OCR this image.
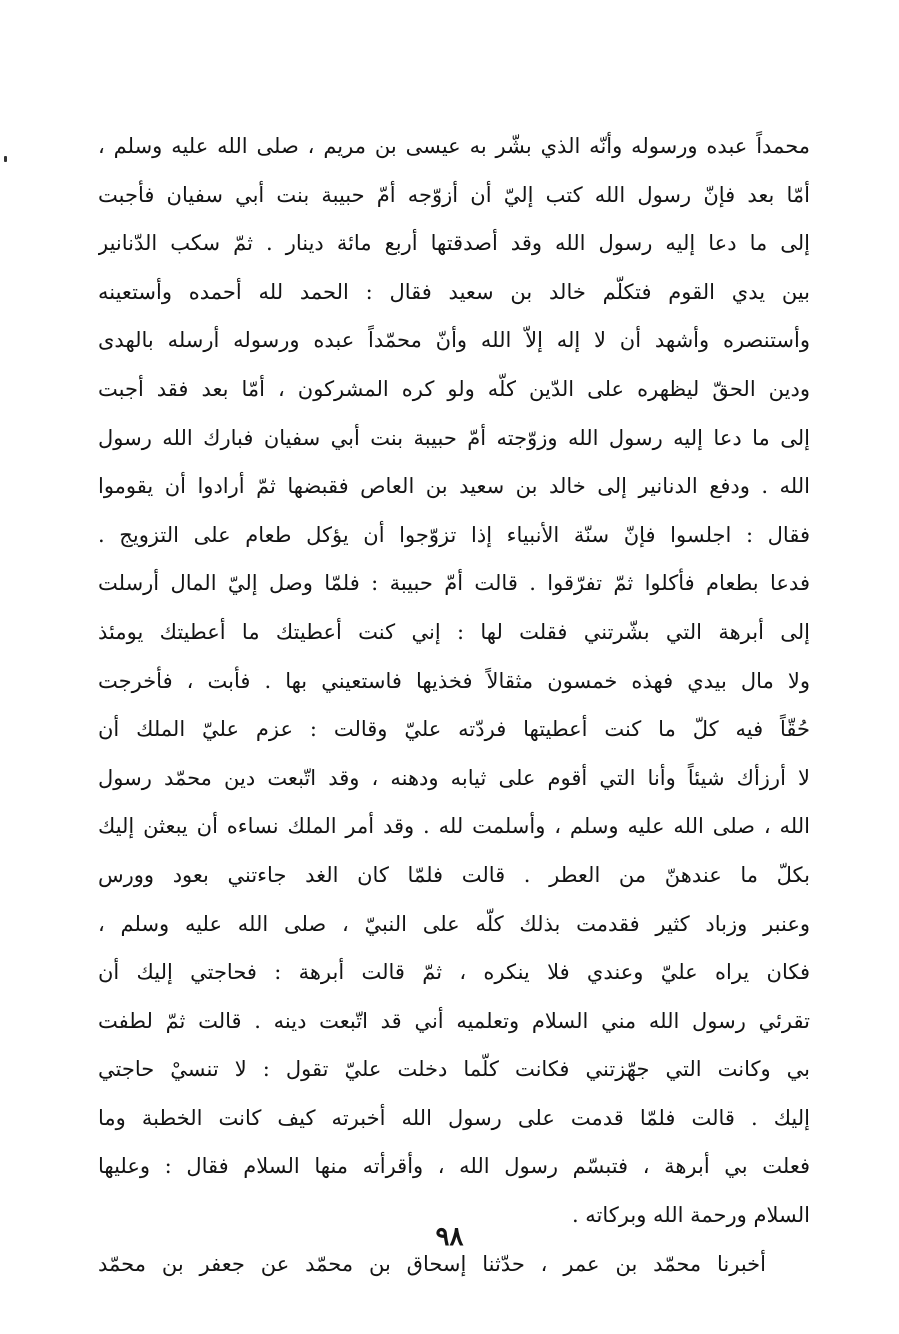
محمداً عبده ورسوله وأنّه الذي بشّر به عيسى بن مريم ، صلى الله عليه وسلم ،
أمّا بعد فإنّ رسول الله كتب إليّ أن أزوّجه أمّ حبيبة بنت أبي سفيان فأجبت
إلى ما دعا إليه رسول الله وقد أصدقتها أربع مائة دينار . ثمّ سكب الدّنانير
بين يدي القوم فتكلّم خالد بن سعيد فقال : الحمد لله أحمده وأستعينه
وأستنصره وأشهد أن لا إله إلاّ الله وأنّ محمّداً عبده ورسوله أرسله بالهدى
ودين الحقّ ليظهره على الدّين كلّه ولو كره المشركون ، أمّا بعد فقد أجبت
إلى ما دعا إليه رسول الله وزوّجته أمّ حبيبة بنت أبي سفيان فبارك الله رسول
الله . ودفع الدنانير إلى خالد بن سعيد بن العاص فقبضها ثمّ أرادوا أن يقوموا
فقال : اجلسوا فإنّ سنّة الأنبياء إذا تزوّجوا أن يؤكل طعام على التزويج .
فدعا بطعام فأكلوا ثمّ تفرّقوا . قالت أمّ حبيبة : فلمّا وصل إليّ المال أرسلت
إلى أبرهة التي بشّرتني فقلت لها : إني كنت أعطيتك ما أعطيتك يومئذ
ولا مال بيدي فهذه خمسون مثقالاً فخذيها فاستعيني بها . فأبت ، فأخرجت
حُقّاً فيه كلّ ما كنت أعطيتها فردّته عليّ وقالت : عزم عليّ الملك أن
لا أرزأك شيئاً وأنا التي أقوم على ثيابه ودهنه ، وقد اتّبعت دين محمّد رسول
الله ، صلى الله عليه وسلم ، وأسلمت لله . وقد أمر الملك نساءه أن يبعثن إليك
بكلّ ما عندهنّ من العطر . قالت فلمّا كان الغد جاءتني بعود وورس
وعنبر وزباد كثير فقدمت بذلك كلّه على النبيّ ، صلى الله عليه وسلم ،
فكان يراه عليّ وعندي فلا ينكره ، ثمّ قالت أبرهة : فحاجتي إليك أن
تقرئي رسول الله مني السلام وتعلميه أني قد اتّبعت دينه . قالت ثمّ لطفت
بي وكانت التي جهّزتني فكانت كلّما دخلت عليّ تقول : لا تنسيْ حاجتي
إليك . قالت فلمّا قدمت على رسول الله أخبرته كيف كانت الخطبة وما
فعلت بي أبرهة ، فتبسّم رسول الله ، وأقرأته منها السلام فقال : وعليها
السلام ورحمة الله وبركاته .
أخبرنا محمّد بن عمر ، حدّثنا إسحاق بن محمّد عن جعفر بن محمّد
٩٨
